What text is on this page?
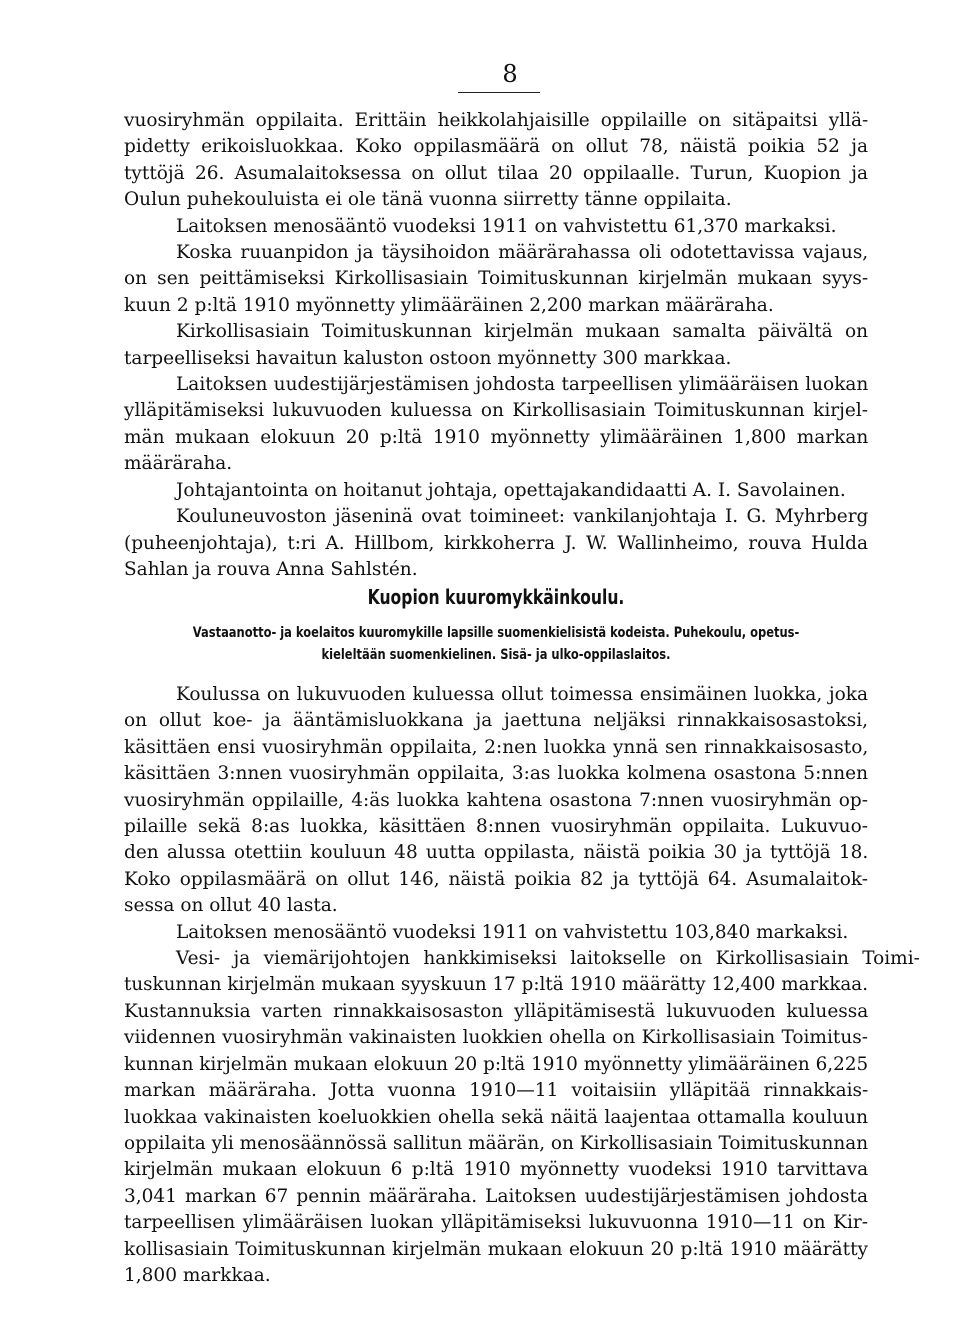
8
vuosiryhmän oppilaita. Erittäin heikkolahjaisille oppilaille on sitäpaitsi yllä-
pidetty erikoisluokkaa. Koko oppilasmäärä on ollut 78, näistä poikia 52 ja
tyttöjä 26. Asumalaitoksessa on ollut tilaa 20 oppilaalle. Turun, Kuopion ja
Oulun puhekouluista ei ole tänä vuonna siirretty tänne oppilaita.
Laitoksen menosääntö vuodeksi 1911 on vahvistettu 61,370 markaksi.
Koska ruuanpidon ja täysihoidon määrärahassa oli odotettavissa vajaus,
on sen peittämiseksi Kirkollisasiain Toimituskunnan kirjelmän mukaan syys-
kuun 2 p:ltä 1910 myönnetty ylimääräinen 2,200 markan määräraha.
Kirkollisasiain Toimituskunnan kirjelmän mukaan samalta päivältä on
tarpeelliseksi havaitun kaluston ostoon myönnetty 300 markkaa.
Laitoksen uudestijärjestämisen johdosta tarpeellisen ylimääräisen luokan
ylläpitämiseksi lukuvuoden kuluessa on Kirkollisasiain Toimituskunnan kirjel-
män mukaan elokuun 20 p:ltä 1910 myönnetty ylimääräinen 1,800 markan
määräraha.
Johtajantointa on hoitanut johtaja, opettajakandidaatti A. I. Savolainen.
Kouluneuvoston jäseninä ovat toimineet: vankilanjohtaja I. G. Myhrberg
(puheenjohtaja), t:ri A. Hillbom, kirkkoherra J. W. Wallinheimo, rouva Hulda
Sahlan ja rouva Anna Sahlstén.
Kuopion kuuromykkäinkoulu.
Vastaanotto- ja koelaitos kuuromykille lapsille suomenkielisistä kodeista. Puhekoulu, opetus-
kieleltään suomenkielinen. Sisä- ja ulko-oppilaslaitos.
Koulussa on lukuvuoden kuluessa ollut toimessa ensimäinen luokka, joka
on ollut koe- ja ääntämisluokkana ja jaettuna neljäksi rinnakkaisosastoksi,
käsittäen ensi vuosiryhmän oppilaita, 2:nen luokka ynnä sen rinnakkaisosasto,
käsittäen 3:nnen vuosiryhmän oppilaita, 3:as luokka kolmena osastona 5:nnen
vuosiryhmän oppilaille, 4:äs luokka kahtena osastona 7:nnen vuosiryhmän op-
pilaille sekä 8:as luokka, käsittäen 8:nnen vuosiryhmän oppilaita. Lukuvuo-
den alussa otettiin kouluun 48 uutta oppilasta, näistä poikia 30 ja tyttöjä 18.
Koko oppilasmäärä on ollut 146, näistä poikia 82 ja tyttöjä 64. Asumalaitok-
sessa on ollut 40 lasta.
Laitoksen menosääntö vuodeksi 1911 on vahvistettu 103,840 markaksi.
Vesi- ja viemärijohtojen hankkimiseksi laitokselle on Kirkollisasiain Toimi-
tuskunnan kirjelmän mukaan syyskuun 17 p:ltä 1910 määrätty 12,400 markkaa.
Kustannuksia varten rinnakkaisosaston ylläpitämisestä lukuvuoden kuluessa
viidennen vuosiryhmän vakinaisten luokkien ohella on Kirkollisasiain Toimitus-
kunnan kirjelmän mukaan elokuun 20 p:ltä 1910 myönnetty ylimääräinen 6,225
markan määräraha. Jotta vuonna 1910—11 voitaisiin ylläpitää rinnakkais-
luokkaa vakinaisten koeluokkien ohella sekä näitä laajentaa ottamalla kouluun
oppilaita yli menosäännössä sallitun määrän, on Kirkollisasiain Toimituskunnan
kirjelmän mukaan elokuun 6 p:ltä 1910 myönnetty vuodeksi 1910 tarvittava
3,041 markan 67 pennin määräraha. Laitoksen uudestijärjestämisen johdosta
tarpeellisen ylimääräisen luokan ylläpitämiseksi lukuvuonna 1910—11 on Kir-
kollisasiain Toimituskunnan kirjelmän mukaan elokuun 20 p:ltä 1910 määrätty
1,800 markkaa.
